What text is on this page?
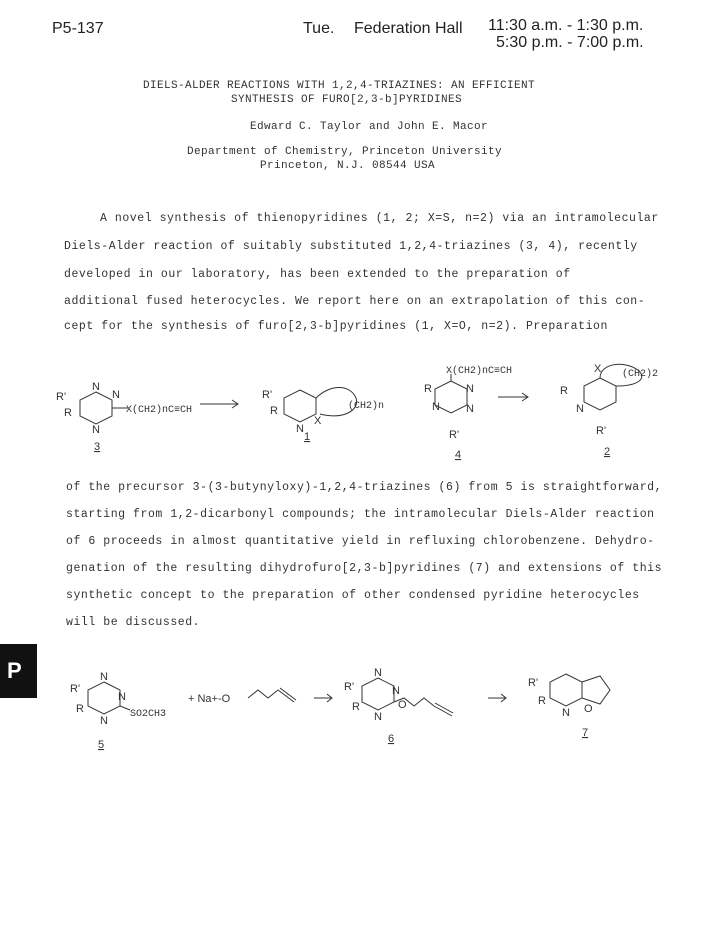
P5-137	Tue. Federation Hall 11:30 a.m. - 1:30 p.m.
5:30 p.m. - 7:00 p.m.
DIELS-ALDER REACTIONS WITH 1,2,4-TRIAZINES: AN EFFICIENT
SYNTHESIS OF FURO[2,3-b]PYRIDINES
Edward C. Taylor and John E. Macor
Department of Chemistry, Princeton University
Princeton, N.J. 08544 USA
A novel synthesis of thienopyridines (1, 2; X=S, n=2) via an intramolecular
Diels-Alder reaction of suitably substituted 1,2,4-triazines (3, 4), recently
developed in our laboratory, has been extended to the preparation of
additional fused heterocycles. We report here on an extrapolation of this con-
cept for the synthesis of furo[2,3-b]pyridines (1, X=O, n=2). Preparation
of the precursor 3-(3-butynyloxy)-1,2,4-triazines (6) from 5 is straightforward,
starting from 1,2-dicarbonyl compounds; the intramolecular Diels-Alder reaction
of 6 proceeds in almost quantitative yield in refluxing chlorobenzene. Dehydro-
genation of the resulting dihydrofuro[2,3-b]pyridines (7) and extensions of this
synthetic concept to the preparation of other condensed pyridine heterocycles
will be discussed.
P
R'
R
N
N
N
X(CH2)nC≡CH
3
R'
R
N
X
(CH2)n
1
X(CH2)nC≡CH
R	N
N N
R'
4
X (CH2)2
R
N
R'
2
R'
R
N
N
N
SO2CH3
5
+ Na+-O
R'
R
N
N
N
O
6
R'
R
N O
7
